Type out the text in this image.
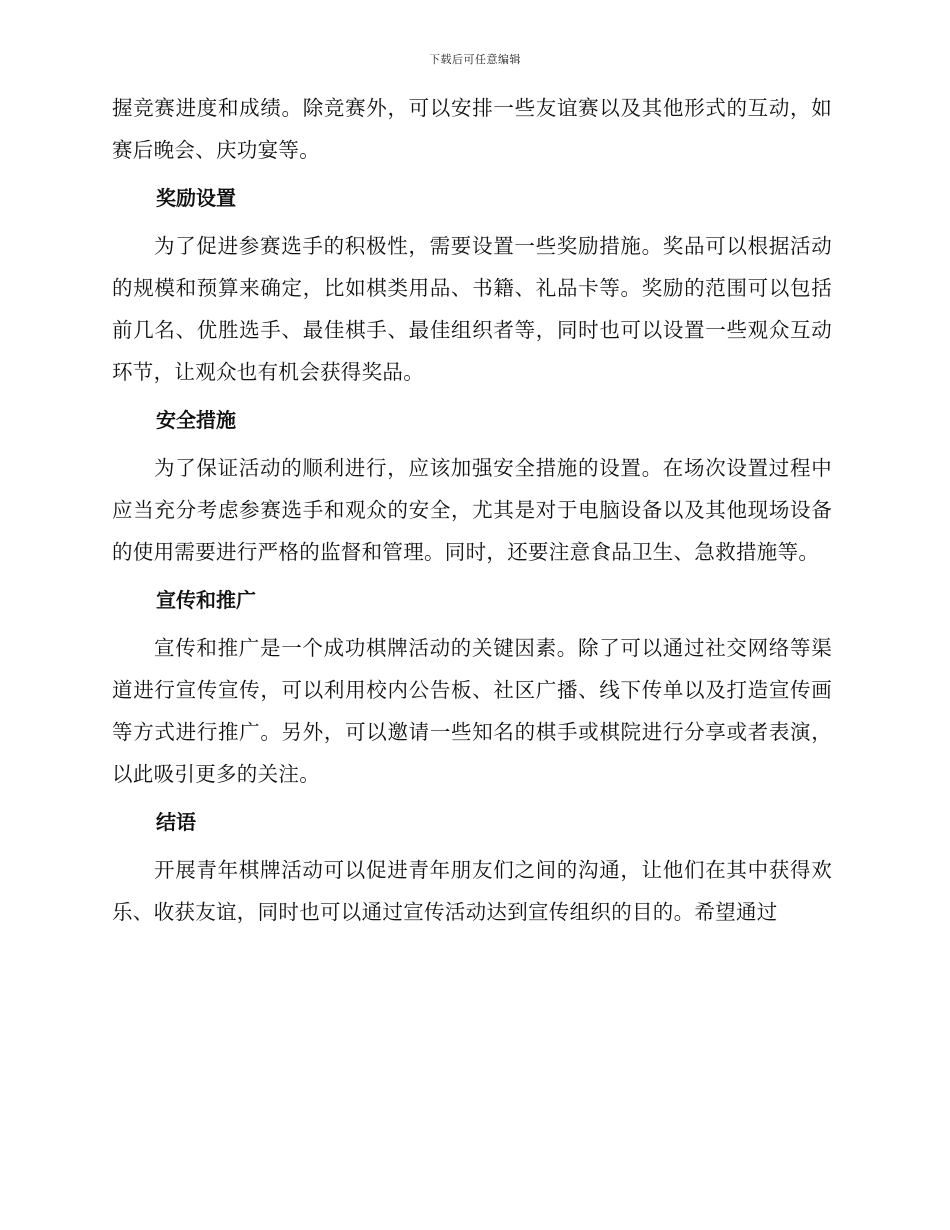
下载后可任意编辑

握竞赛进度和成绩。除竞赛外，可以安排一些友谊赛以及其他形式的互动，如赛后晚会、庆功宴等。

奖励设置

为了促进参赛选手的积极性，需要设置一些奖励措施。奖品可以根据活动的规模和预算来确定，比如棋类用品、书籍、礼品卡等。奖励的范围可以包括前几名、优胜选手、最佳棋手、最佳组织者等，同时也可以设置一些观众互动环节，让观众也有机会获得奖品。

安全措施

为了保证活动的顺利进行，应该加强安全措施的设置。在场次设置过程中应当充分考虑参赛选手和观众的安全，尤其是对于电脑设备以及其他现场设备的使用需要进行严格的监督和管理。同时，还要注意食品卫生、急救措施等。

宣传和推广

宣传和推广是一个成功棋牌活动的关键因素。除了可以通过社交网络等渠道进行宣传宣传，可以利用校内公告板、社区广播、线下传单以及打造宣传画等方式进行推广。另外，可以邀请一些知名的棋手或棋院进行分享或者表演，以此吸引更多的关注。

结语

开展青年棋牌活动可以促进青年朋友们之间的沟通，让他们在其中获得欢乐、收获友谊，同时也可以通过宣传活动达到宣传组织的目的。希望通过
